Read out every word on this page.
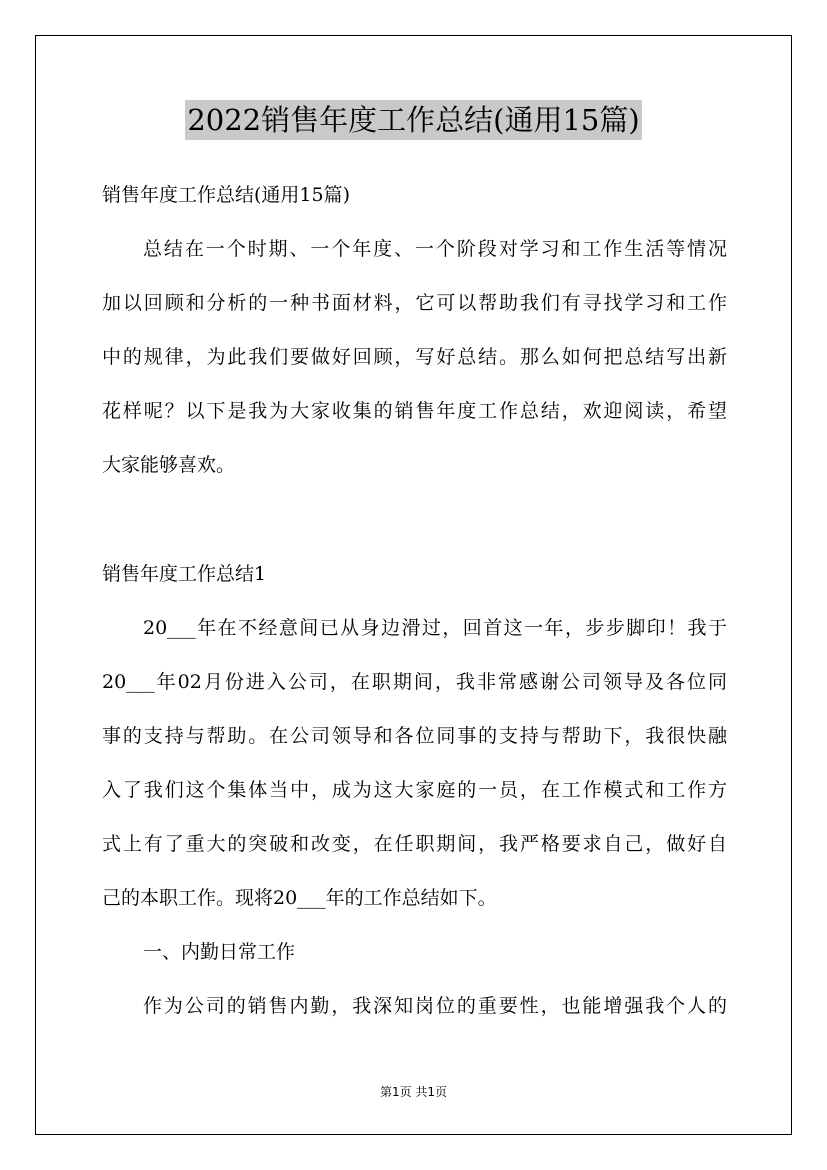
2022销售年度工作总结(通用15篇)
销售年度工作总结(通用15篇)
总结在一个时期、一个年度、一个阶段对学习和工作生活等情况
加以回顾和分析的一种书面材料，它可以帮助我们有寻找学习和工作
中的规律，为此我们要做好回顾，写好总结。那么如何把总结写出新
花样呢？以下是我为大家收集的销售年度工作总结，欢迎阅读，希望
大家能够喜欢。
销售年度工作总结1
20___年在不经意间已从身边滑过，回首这一年，步步脚印！我于
20___年02月份进入公司，在职期间，我非常感谢公司领导及各位同
事的支持与帮助。在公司领导和各位同事的支持与帮助下，我很快融
入了我们这个集体当中，成为这大家庭的一员，在工作模式和工作方
式上有了重大的突破和改变，在任职期间，我严格要求自己，做好自
己的本职工作。现将20___年的工作总结如下。
一、内勤日常工作
作为公司的销售内勤，我深知岗位的重要性，也能增强我个人的
第1页 共1页
